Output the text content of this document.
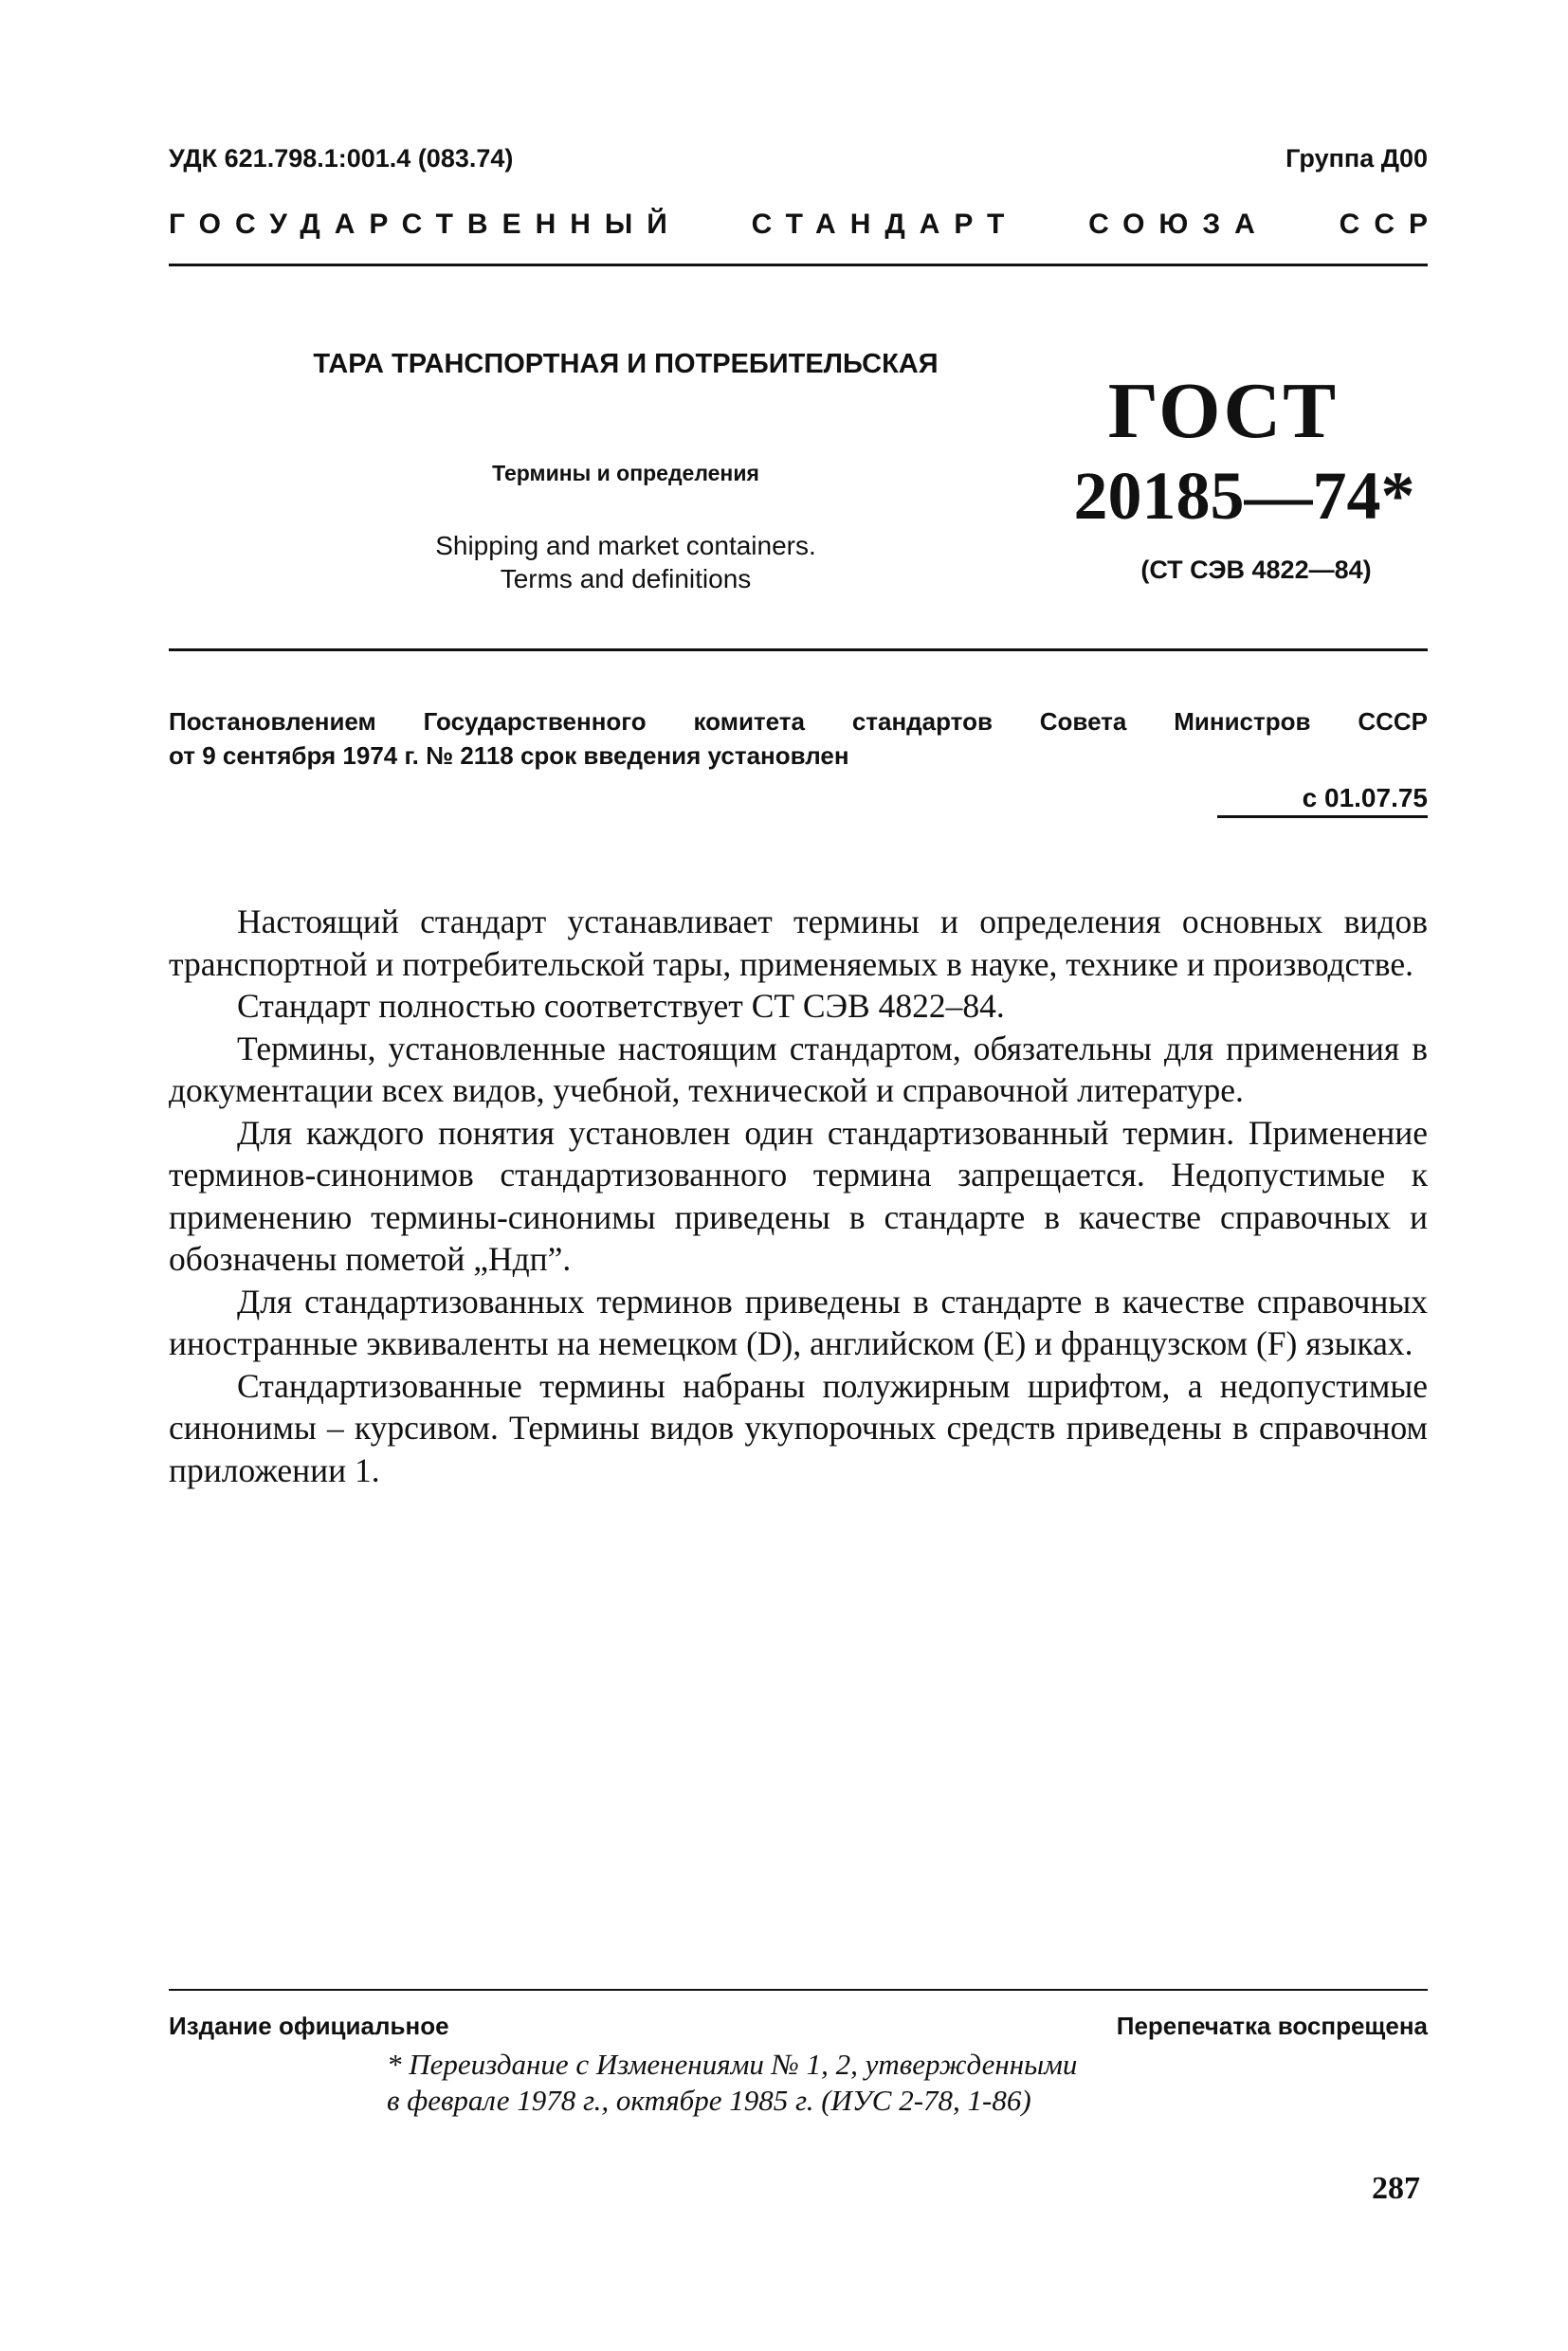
УДК 621.798.1:001.4 (083.74)	Группа Д00
ГОСУДАРСТВЕННЫЙ СТАНДАРТ СОЮЗА ССР
ТАРА ТРАНСПОРТНАЯ И ПОТРЕБИТЕЛЬСКАЯ
Термины и определения
Shipping and market containers.
Terms and definitions
ГОСТ
20185—74*
(СТ СЭВ 4822—84)
Постановлением Государственного комитета стандартов Совета Министров СССР
от 9 сентября 1974 г. № 2118 срок введения установлен
с 01.07.75

Настоящий стандарт устанавливает термины и определения основных видов транспортной и потребительской тары, применяемых в науке, технике и производстве.

Стандарт полностью соответствует СТ СЭВ 4822–84.

Термины, установленные настоящим стандартом, обязательны для применения в документации всех видов, учебной, технической и справочной литературе.

Для каждого понятия установлен один стандартизованный термин. Применение терминов-синонимов стандартизованного термина запрещается. Недопустимые к применению термины-синонимы приведены в стандарте в качестве справочных и обозначены пометой „Ндп”.

Для стандартизованных терминов приведены в стандарте в качестве справочных иностранные эквиваленты на немецком (D), английском (E) и французском (F) языках.

Стандартизованные термины набраны полужирным шрифтом, а недопустимые синонимы – курсивом. Термины видов укупорочных средств приведены в справочном приложении 1.

Издание официальное	Перепечатка воспрещена
* Переиздание с Изменениями № 1, 2, утвержденными
в феврале 1978 г., октябре 1985 г. (ИУС 2-78, 1-86)
287
